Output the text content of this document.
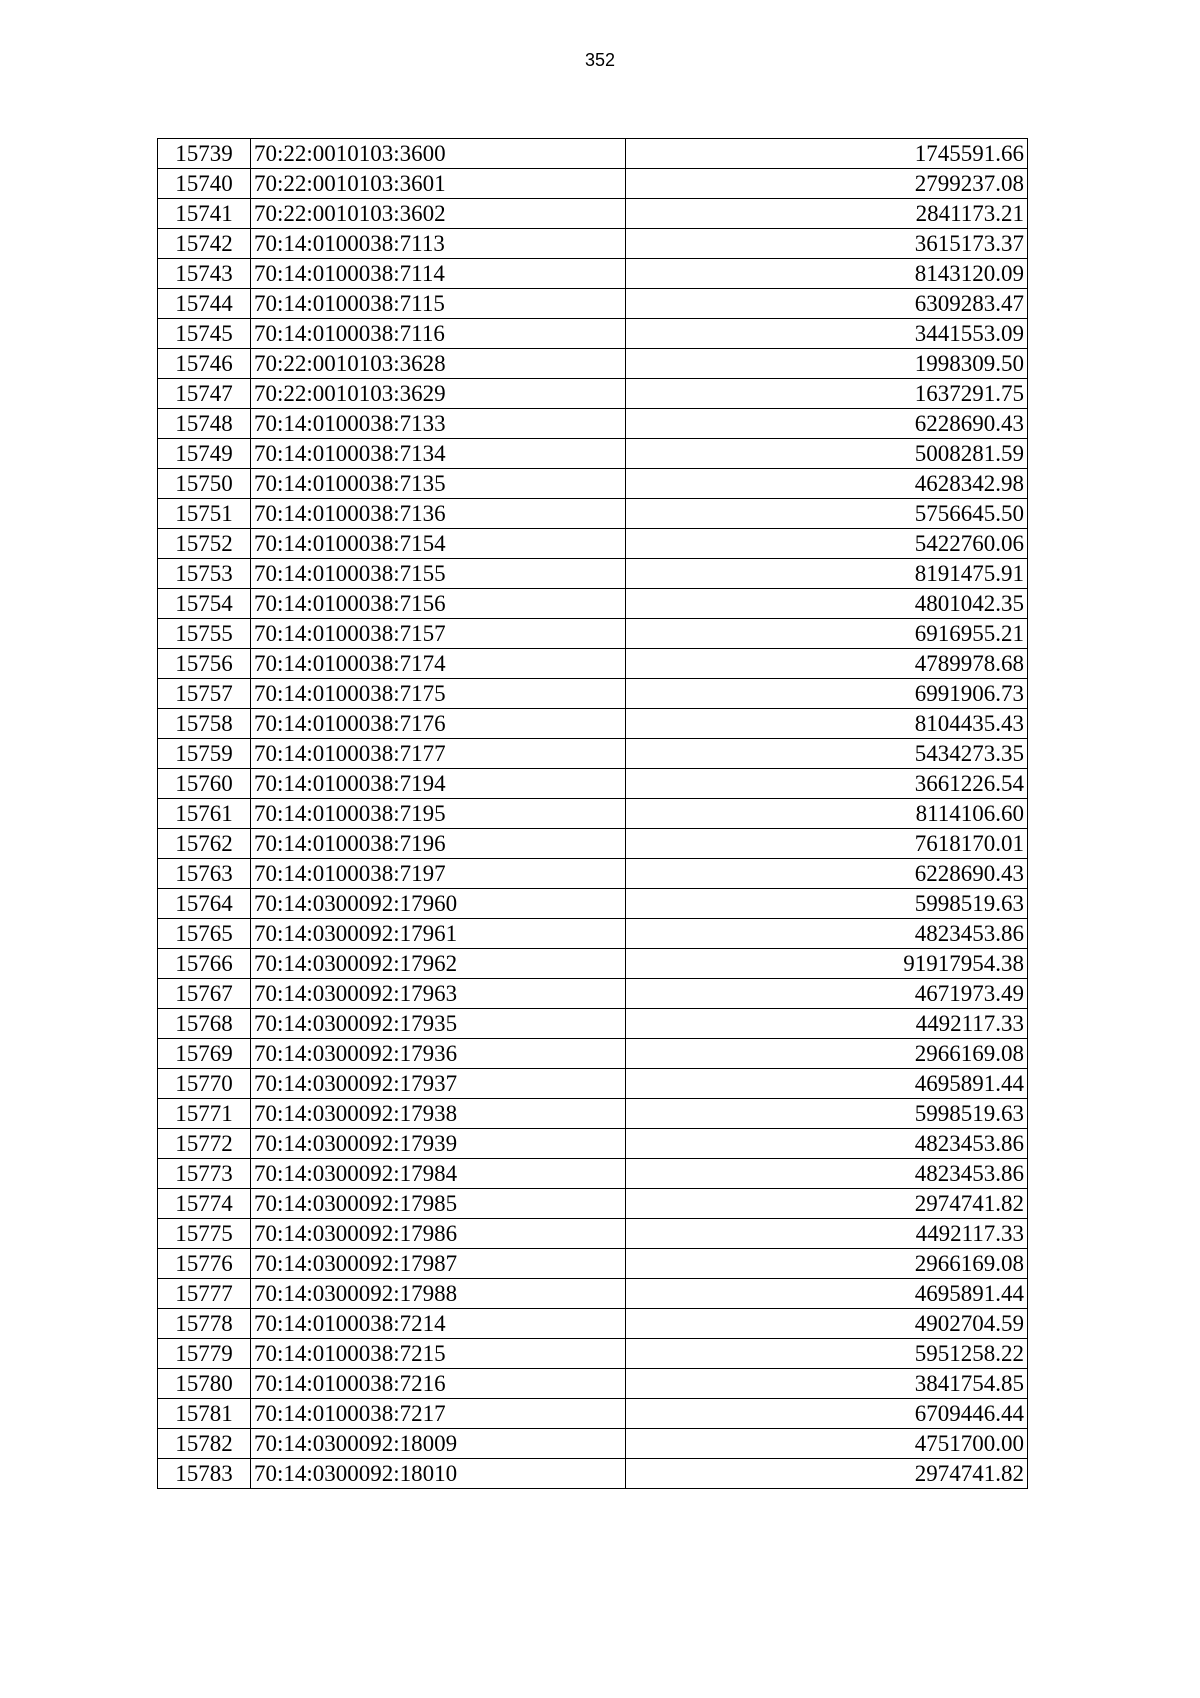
352
15739	70:22:0010103:3600	1745591.66
15740	70:22:0010103:3601	2799237.08
15741	70:22:0010103:3602	2841173.21
15742	70:14:0100038:7113	3615173.37
15743	70:14:0100038:7114	8143120.09
15744	70:14:0100038:7115	6309283.47
15745	70:14:0100038:7116	3441553.09
15746	70:22:0010103:3628	1998309.50
15747	70:22:0010103:3629	1637291.75
15748	70:14:0100038:7133	6228690.43
15749	70:14:0100038:7134	5008281.59
15750	70:14:0100038:7135	4628342.98
15751	70:14:0100038:7136	5756645.50
15752	70:14:0100038:7154	5422760.06
15753	70:14:0100038:7155	8191475.91
15754	70:14:0100038:7156	4801042.35
15755	70:14:0100038:7157	6916955.21
15756	70:14:0100038:7174	4789978.68
15757	70:14:0100038:7175	6991906.73
15758	70:14:0100038:7176	8104435.43
15759	70:14:0100038:7177	5434273.35
15760	70:14:0100038:7194	3661226.54
15761	70:14:0100038:7195	8114106.60
15762	70:14:0100038:7196	7618170.01
15763	70:14:0100038:7197	6228690.43
15764	70:14:0300092:17960	5998519.63
15765	70:14:0300092:17961	4823453.86
15766	70:14:0300092:17962	91917954.38
15767	70:14:0300092:17963	4671973.49
15768	70:14:0300092:17935	4492117.33
15769	70:14:0300092:17936	2966169.08
15770	70:14:0300092:17937	4695891.44
15771	70:14:0300092:17938	5998519.63
15772	70:14:0300092:17939	4823453.86
15773	70:14:0300092:17984	4823453.86
15774	70:14:0300092:17985	2974741.82
15775	70:14:0300092:17986	4492117.33
15776	70:14:0300092:17987	2966169.08
15777	70:14:0300092:17988	4695891.44
15778	70:14:0100038:7214	4902704.59
15779	70:14:0100038:7215	5951258.22
15780	70:14:0100038:7216	3841754.85
15781	70:14:0100038:7217	6709446.44
15782	70:14:0300092:18009	4751700.00
15783	70:14:0300092:18010	2974741.82
